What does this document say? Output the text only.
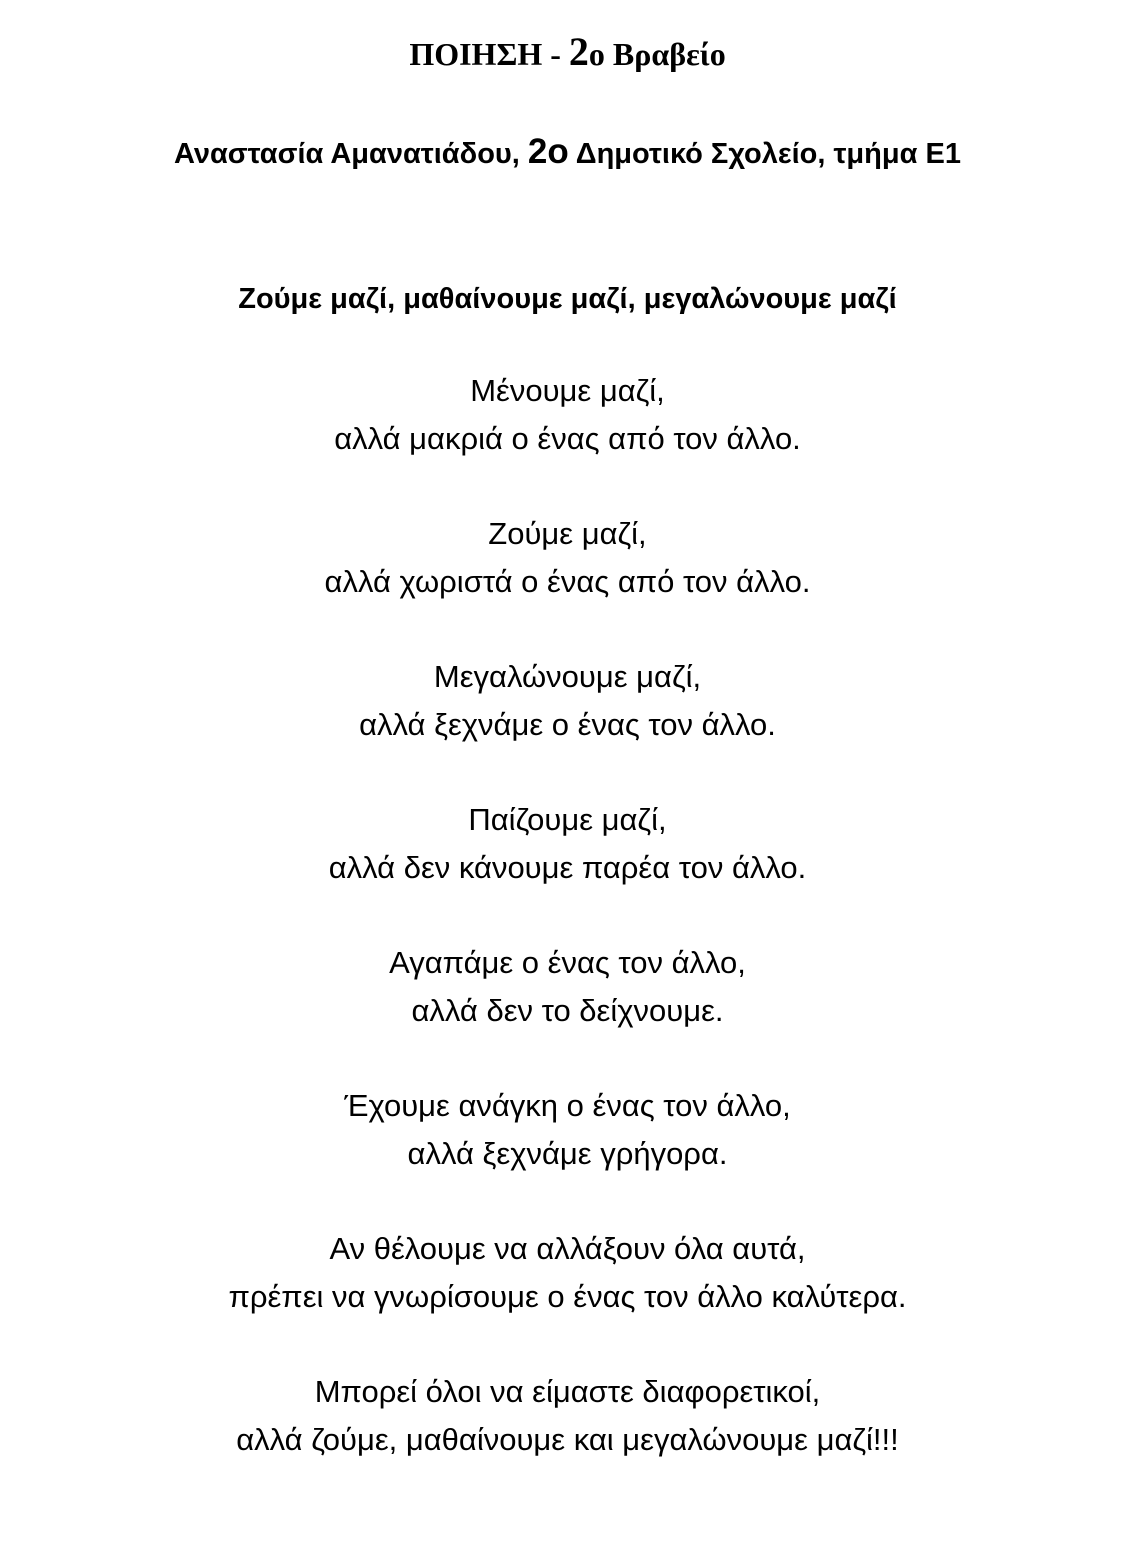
ΠΟΙΗΣΗ - 2ο Βραβείο
Αναστασία Αμανατιάδου, 2ο Δημοτικό Σχολείο, τμήμα Ε1
Ζούμε μαζί, μαθαίνουμε μαζί, μεγαλώνουμε μαζί
Μένουμε μαζί,
αλλά μακριά ο ένας από τον άλλο.
Ζούμε μαζί,
αλλά χωριστά ο ένας από τον άλλο.
Μεγαλώνουμε μαζί,
αλλά ξεχνάμε ο ένας τον άλλο.
Παίζουμε μαζί,
αλλά δεν κάνουμε παρέα τον άλλο.
Αγαπάμε ο ένας τον άλλο,
αλλά δεν το δείχνουμε.
Έχουμε ανάγκη ο ένας τον άλλο,
αλλά ξεχνάμε γρήγορα.
Αν θέλουμε να αλλάξουν όλα αυτά,
πρέπει να γνωρίσουμε ο ένας τον άλλο καλύτερα.
Μπορεί όλοι να είμαστε διαφορετικοί,
αλλά ζούμε, μαθαίνουμε και μεγαλώνουμε μαζί!!!
